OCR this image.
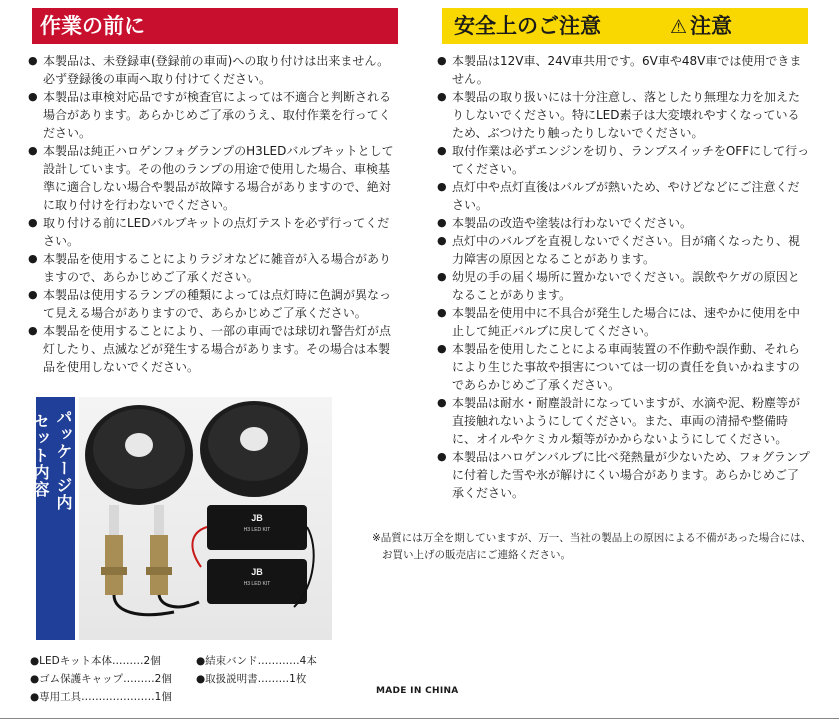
作業の前に	安全上のご注意	⚠ 注意
● 本製品は、未登録車(登録前の車両)への取り付けは出来ません。必ず登録後の車両へ取り付けてください。
● 本製品は車検対応品ですが検査官によっては不適合と判断される場合があります。あらかじめご了承のうえ、取付作業を行ってください。
● 本製品は純正ハロゲンフォグランプのH3LEDバルブキットとして設計しています。その他のランプの用途で使用した場合、車検基準に適合しない場合や製品が故障する場合がありますので、絶対に取り付けを行わないでください。
● 取り付ける前にLEDバルブキットの点灯テストを必ず行ってください。
● 本製品を使用することによりラジオなどに雑音が入る場合がありますので、あらかじめご了承ください。
● 本製品は使用するランプの種類によっては点灯時に色調が異なって見える場合がありますので、あらかじめご了承ください。
● 本製品を使用することにより、一部の車両では球切れ警告灯が点灯したり、点滅などが発生する場合があります。その場合は本製品を使用しないでください。
● 本製品は12V車、24V車共用です。6V車や48V車では使用できません。
● 本製品の取り扱いには十分注意し、落としたり無理な力を加えたりしないでください。特にLED素子は大変壊れやすくなっているため、ぶつけたり触ったりしないでください。
● 取付作業は必ずエンジンを切り、ランプスイッチをOFFにして行ってください。
● 点灯中や点灯直後はバルブが熱いため、やけどなどにご注意ください。
● 本製品の改造や塗装は行わないでください。
● 点灯中のバルブを直視しないでください。目が痛くなったり、視力障害の原因となることがあります。
● 幼児の手の届く場所に置かないでください。誤飲やケガの原因となることがあります。
● 本製品を使用中に不具合が発生した場合には、速やかに使用を中止して純正バルブに戻してください。
● 本製品を使用したことによる車両装置の不作動や誤作動、それらにより生じた事故や損害については一切の責任を負いかねますのであらかじめご了承ください。
● 本製品は耐水・耐塵設計になっていますが、水滴や泥、粉塵等が直接触れないようにしてください。また、車両の清掃や整備時に、オイルやケミカル類等がかからないようにしてください。
● 本製品はハロゲンバルブに比べ発熱量が少ないため、フォグランプに付着した雪や氷が解けにくい場合があります。あらかじめご了承ください。
※品質には万全を期していますが、万一、当社の製品上の原因による不備があった場合には、
お買い上げの販売店にご連絡ください。
パッケージ内
セット内容
JB
H3 LED KIT
JB
H3 LED KIT
●LEDキット本体………2個
●ゴム保護キャップ………2個
●専用工具…………………1個
●結束バンド…………4本
●取扱説明書………1枚
MADE IN CHINA
